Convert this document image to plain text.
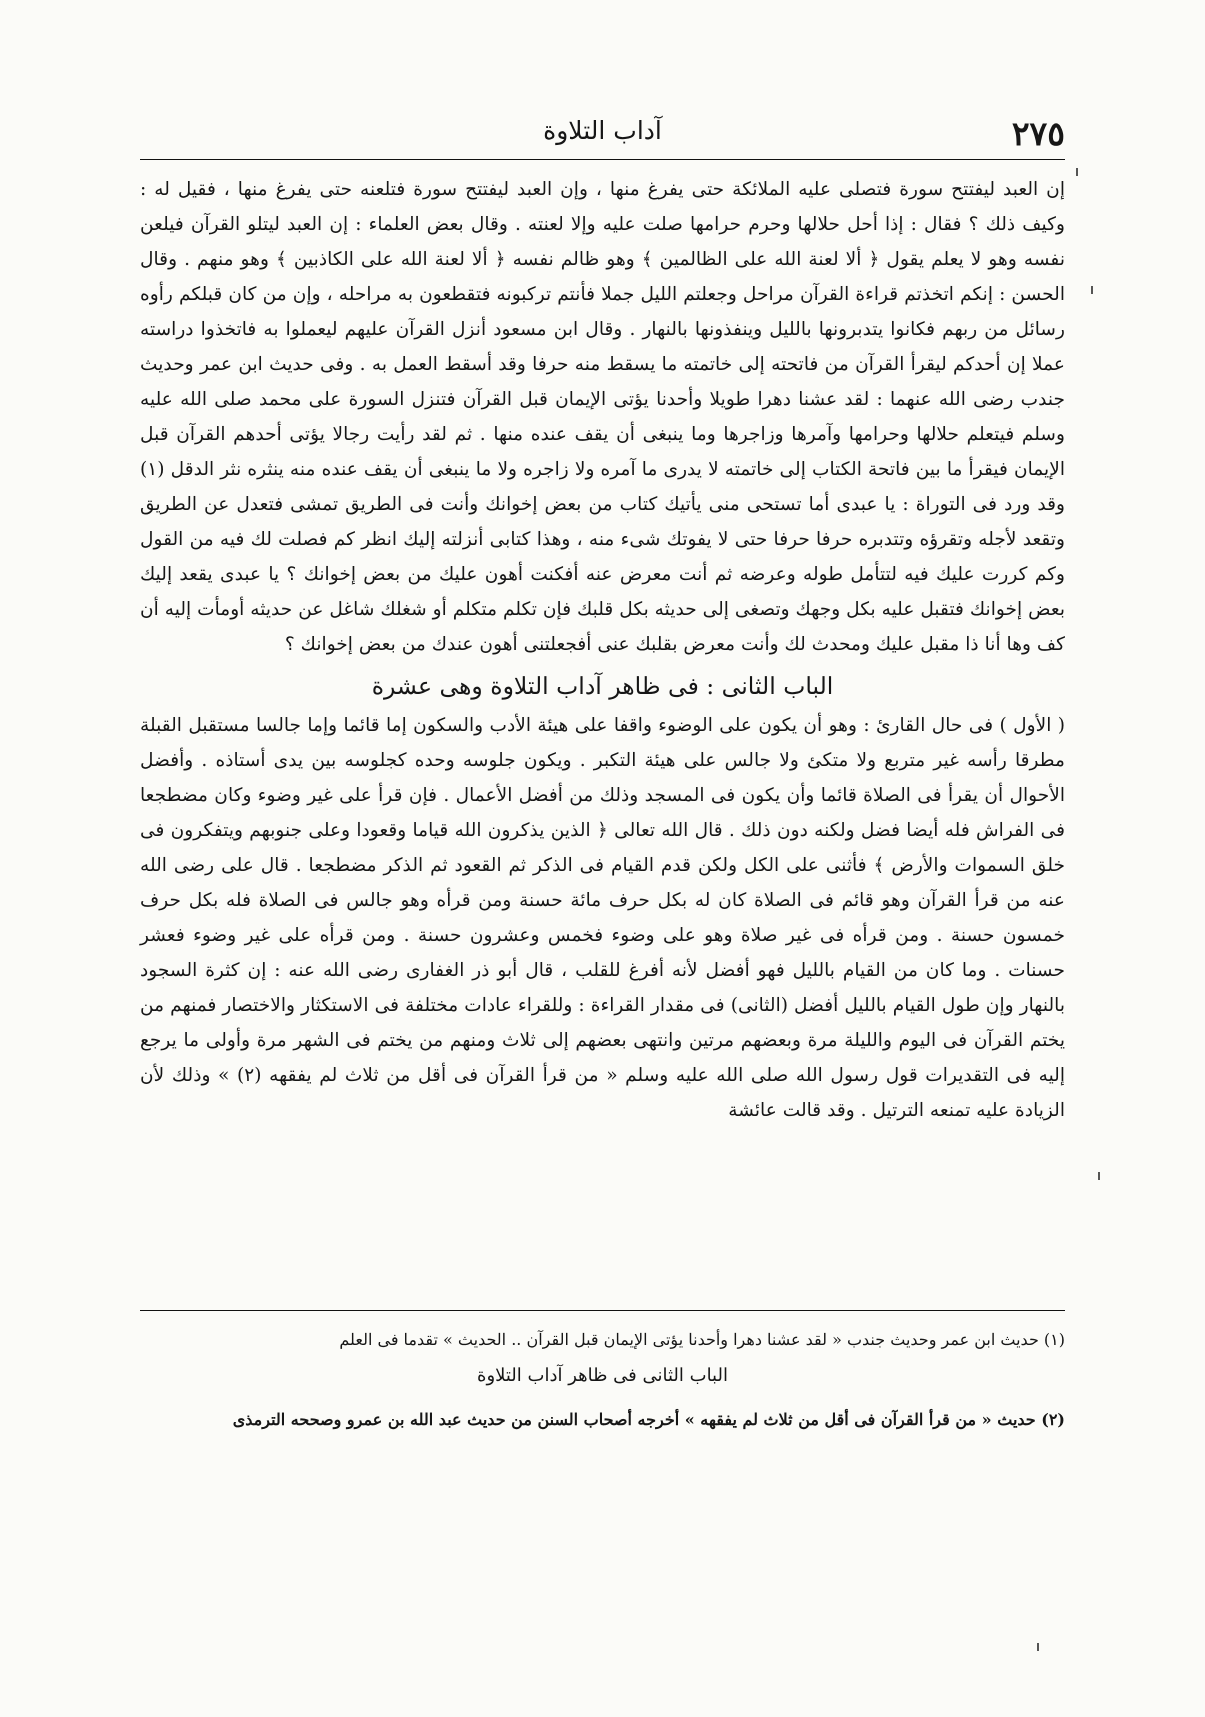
٢٧٥
آداب التلاوة

إن العبد ليفتتح سورة فتصلى عليه الملائكة حتى يفرغ منها ، وإن العبد ليفتتح سورة فتلعنه حتى يفرغ منها ، فقيل له : وكيف ذلك ؟ فقال : إذا أحل حلالها وحرم حرامها صلت عليه وإلا لعنته . وقال بعض العلماء : إن العبد ليتلو القرآن فيلعن نفسه وهو لا يعلم يقول ﴿ ألا لعنة الله على الظالمين ﴾ وهو ظالم نفسه ﴿ ألا لعنة الله على الكاذبين ﴾ وهو منهم . وقال الحسن : إنكم اتخذتم قراءة القرآن مراحل وجعلتم الليل جملا فأنتم تركبونه فتقطعون به مراحله ، وإن من كان قبلكم رأوه رسائل من ربهم فكانوا يتدبرونها بالليل وينفذونها بالنهار . وقال ابن مسعود أنزل القرآن عليهم ليعملوا به فاتخذوا دراسته عملا إن أحدكم ليقرأ القرآن من فاتحته إلى خاتمته ما يسقط منه حرفا وقد أسقط العمل به . وفى حديث ابن عمر وحديث جندب رضى الله عنهما : لقد عشنا دهرا طويلا وأحدنا يؤتى الإيمان قبل القرآن فتنزل السورة على محمد صلى الله عليه وسلم فيتعلم حلالها وحرامها وآمرها وزاجرها وما ينبغى أن يقف عنده منها . ثم لقد رأيت رجالا يؤتى أحدهم القرآن قبل الإيمان فيقرأ ما بين فاتحة الكتاب إلى خاتمته لا يدرى ما آمره ولا زاجره ولا ما ينبغى أن يقف عنده منه ينثره نثر الدقل (١) وقد ورد فى التوراة : يا عبدى أما تستحى منى يأتيك كتاب من بعض إخوانك وأنت فى الطريق تمشى فتعدل عن الطريق وتقعد لأجله وتقرؤه وتتدبره حرفا حرفا حتى لا يفوتك شىء منه ، وهذا كتابى أنزلته إليك انظر كم فصلت لك فيه من القول وكم كررت عليك فيه لتتأمل طوله وعرضه ثم أنت معرض عنه أفكنت أهون عليك من بعض إخوانك ؟ يا عبدى يقعد إليك بعض إخوانك فتقبل عليه بكل وجهك وتصغى إلى حديثه بكل قلبك فإن تكلم متكلم أو شغلك شاغل عن حديثه أومأت إليه أن كف وها أنا ذا مقبل عليك ومحدث لك وأنت معرض بقلبك عنى أفجعلتنى أهون عندك من بعض إخوانك ؟

الباب الثانى : فى ظاهر آداب التلاوة وهى عشرة

( الأول ) فى حال القارئ : وهو أن يكون على الوضوء واقفا على هيئة الأدب والسكون إما قائما وإما جالسا مستقبل القبلة مطرقا رأسه غير متربع ولا متكئ ولا جالس على هيئة التكبر . ويكون جلوسه وحده كجلوسه بين يدى أستاذه . وأفضل الأحوال أن يقرأ فى الصلاة قائما وأن يكون فى المسجد وذلك من أفضل الأعمال . فإن قرأ على غير وضوء وكان مضطجعا فى الفراش فله أيضا فضل ولكنه دون ذلك . قال الله تعالى ﴿ الذين يذكرون الله قياما وقعودا وعلى جنوبهم ويتفكرون فى خلق السموات والأرض ﴾ فأثنى على الكل ولكن قدم القيام فى الذكر ثم القعود ثم الذكر مضطجعا . قال على رضى الله عنه من قرأ القرآن وهو قائم فى الصلاة كان له بكل حرف مائة حسنة ومن قرأه وهو جالس فى الصلاة فله بكل حرف خمسون حسنة . ومن قرأه فى غير صلاة وهو على وضوء فخمس وعشرون حسنة . ومن قرأه على غير وضوء فعشر حسنات . وما كان من القيام بالليل فهو أفضل لأنه أفرغ للقلب ، قال أبو ذر الغفارى رضى الله عنه : إن كثرة السجود بالنهار وإن طول القيام بالليل أفضل (الثانى) فى مقدار القراءة : وللقراء عادات مختلفة فى الاستكثار والاختصار فمنهم من يختم القرآن فى اليوم والليلة مرة وبعضهم مرتين وانتهى بعضهم إلى ثلاث ومنهم من يختم فى الشهر مرة وأولى ما يرجع إليه فى التقديرات قول رسول الله صلى الله عليه وسلم « من قرأ القرآن فى أقل من ثلاث لم يفقهه (٢) » وذلك لأن الزيادة عليه تمنعه الترتيل . وقد قالت عائشة

(١) حديث ابن عمر وحديث جندب « لقد عشنا دهرا وأحدنا يؤتى الإيمان قبل القرآن .. الحديث » تقدما فى العلم

الباب الثانى فى ظاهر آداب التلاوة

(٢) حديث « من قرأ القرآن فى أقل من ثلاث لم يفقهه » أخرجه أصحاب السنن من حديث عبد الله بن عمرو وصححه الترمذى
